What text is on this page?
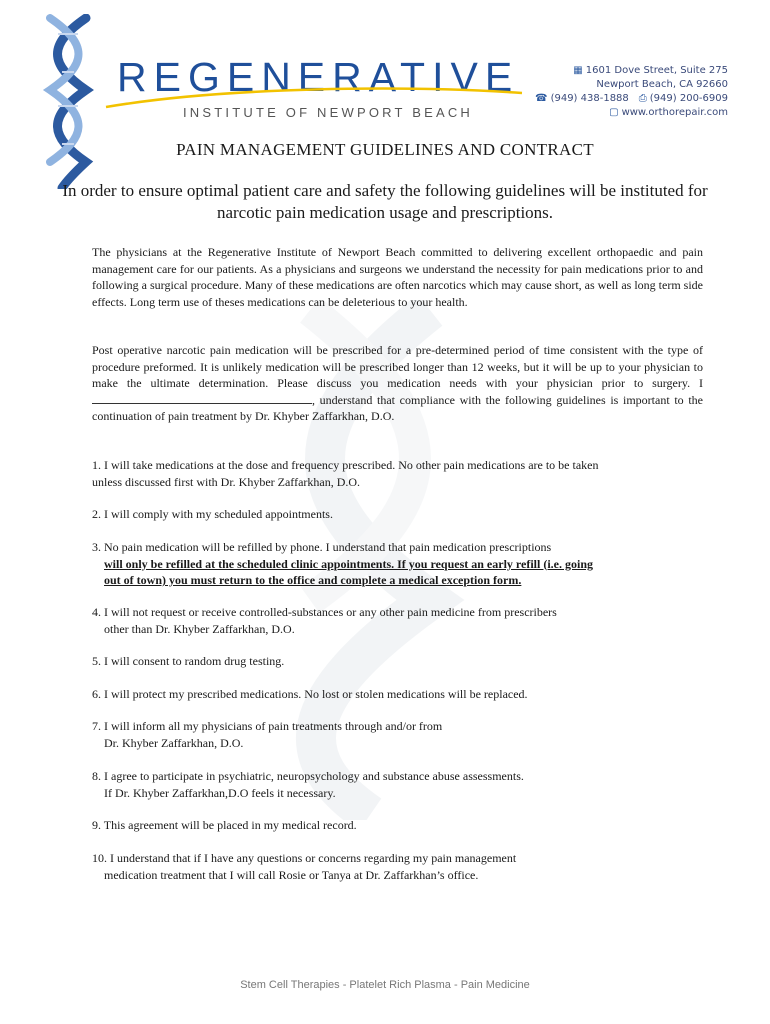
REGENERATIVE
INSTITUTE OF NEWPORT BEACH
▦ 1601 Dove Street, Suite 275
Newport Beach, CA 92660
☎ (949) 438-1888 ⎙ (949) 200-6909
▢ www.orthorepair.com
PAIN MANAGEMENT GUIDELINES AND CONTRACT
In order to ensure optimal patient care and safety the following guidelines will be instituted for narcotic pain medication usage and prescriptions.
The physicians at the Regenerative Institute of Newport Beach committed to delivering excellent orthopaedic and pain management care for our patients. As a physicians and surgeons we understand the necessity for pain medications prior to and following a surgical procedure. Many of these medications are often narcotics which may cause short, as well as long term side effects. Long term use of theses medications can be deleterious to your health.
Post operative narcotic pain medication will be prescribed for a pre-determined period of time consistent with the type of procedure preformed. It is unlikely medication will be prescribed longer than 12 weeks, but it will be up to your physician to make the ultimate determination. Please discuss you medication needs with your physician prior to surgery. I, understand that compliance with the following guidelines is important to the continuation of pain treatment by Dr. Khyber Zaffarkhan, D.O.
1. I will take medications at the dose and frequency prescribed. No other pain medications are to be taken
unless discussed first with Dr. Khyber Zaffarkhan, D.O.
2. I will comply with my scheduled appointments.
3. No pain medication will be refilled by phone. I understand that pain medication prescriptions
will only be refilled at the scheduled clinic appointments. If you request an early refill (i.e. going
out of town) you must return to the office and complete a medical exception form.
4. I will not request or receive controlled-substances or any other pain medicine from prescribers
other than Dr. Khyber Zaffarkhan, D.O.
5. I will consent to random drug testing.
6. I will protect my prescribed medications. No lost or stolen medications will be replaced.
7. I will inform all my physicians of pain treatments through and/or from
Dr. Khyber Zaffarkhan, D.O.
8. I agree to participate in psychiatric, neuropsychology and substance abuse assessments.
If Dr. Khyber Zaffarkhan,D.O feels it necessary.
9. This agreement will be placed in my medical record.
10. I understand that if I have any questions or concerns regarding my pain management
medication treatment that I will call Rosie or Tanya at Dr. Zaffarkhan’s office.
Stem Cell Therapies - Platelet Rich Plasma - Pain Medicine
